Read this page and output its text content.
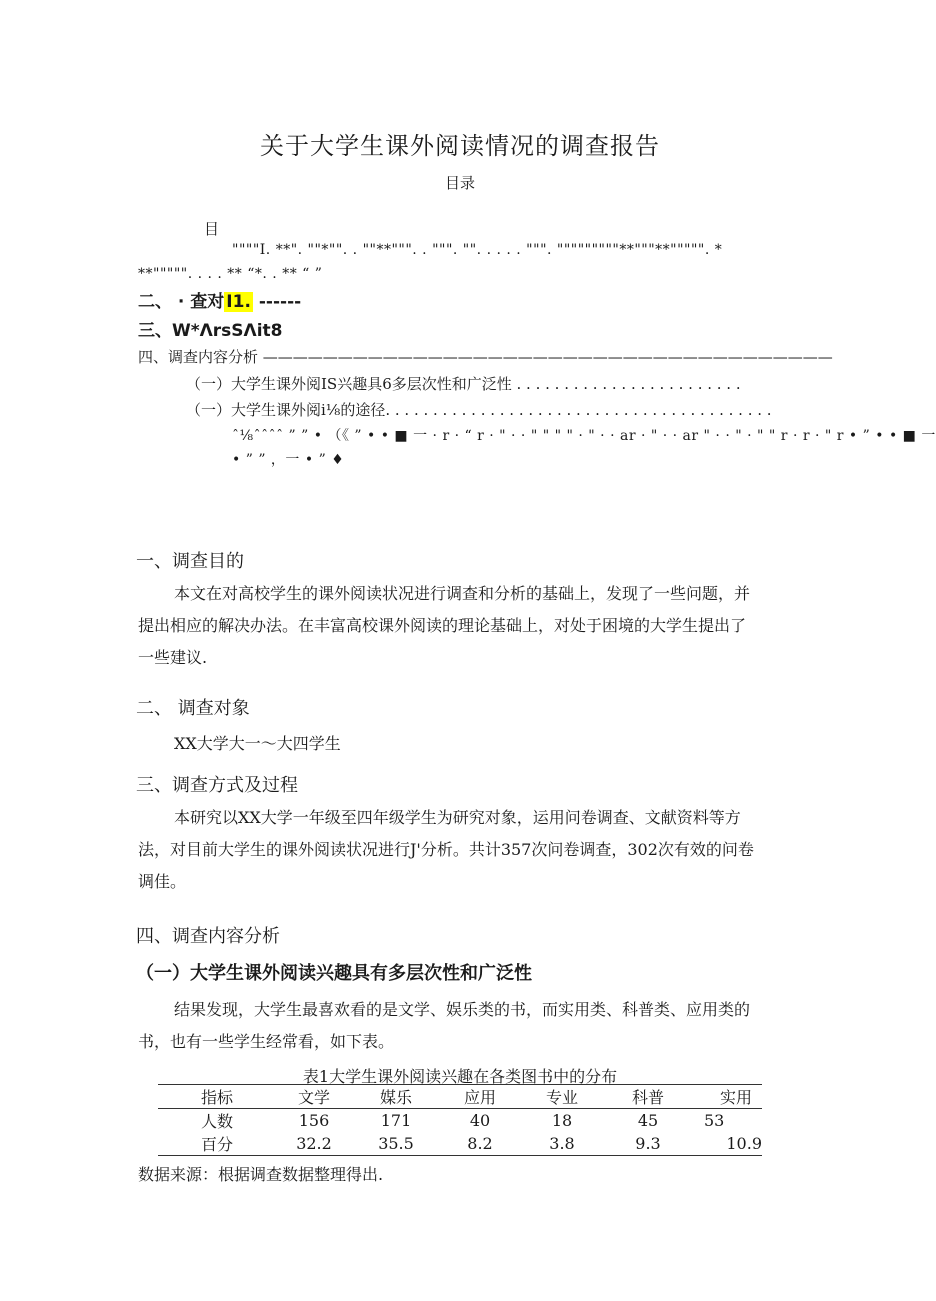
关于大学生课外阅读情况的调查报告
目录
目
""""I. **". ""*"". . ""**""". . """. "". . . . . """. """""""""**"""**""""". *
**""""". . . . ** “*. . ** “ ”
二、 · 查对 I1. ------
三、W*ΛrsSΛit8
四、调查内容分析 ——————————————————————————————————————
（一）大学生课外阅IS兴趣具6多层次性和广泛性 . . . . . . . . . . . . . . . . . . . . . . . .
（一）大学生课外阅i⅛的途径. . . . . . . . . . . . . . . . . . . . . . . . . . . . . . . . . . . . . . . . .
ˆ⅛ˆˆˆˆ ” ” • （《 ” • • ■ 一 · r · “ r · " · · " " " " · " · · ar · " · · ar " · · " · " " r · r · " r • ” • • ■ 一
• ” ” ，一 • ” ♦
一、调查目的

本文在对高校学生的课外阅读状况进行调查和分析的基础上，发现了一些问题，并

提出相应的解决办法。在丰富高校课外阅读的理论基础上，对处于困境的大学生提出了

一些建议.

二、 调查对象
XX大学大一～大四学生
三、调查方式及过程

本研究以XX大学一年级至四年级学生为研究对象，运用问卷调查、文献资料等方

法，对目前大学生的课外阅读状况进行J'分析。共计357次问卷调查，302次有效的问卷

调佳。

四、调查内容分析
（一）大学生课外阅读兴趣具有多层次性和广泛性

结果发现，大学生最喜欢看的是文学、娱乐类的书，而实用类、科普类、应用类的

书，也有一些学生经常看，如下表。

表1大学生课外阅读兴趣在各类图书中的分布
指标	文学	媒乐	应用	专业	科普	实用
人数	156	171	40	18	45	53
百分	32.2	35.5	8.2	3.8	9.3	10.9
数据来源：根据调查数据整理得出.
